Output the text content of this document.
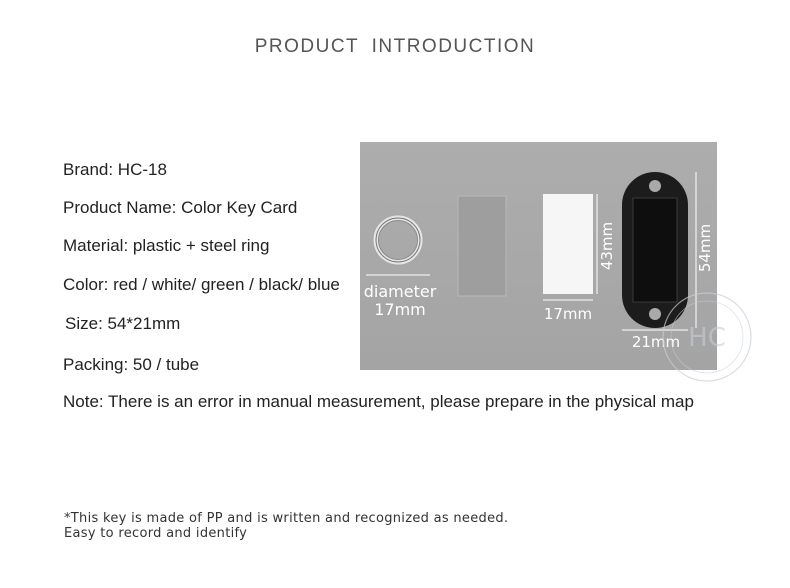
PRODUCT INTRODUCTION
Brand: HC-18
Product Name: Color Key Card
Material: plastic + steel ring
Color: red / white/ green / black/ blue
Size: 54*21mm
Packing: 50 / tube
diameter
17mm
43mm
17mm
54mm
21mm HC
Note: There is an error in manual measurement, please prepare in the physical map
*This key is made of PP and is written and recognized as needed.
Easy to record and identify
